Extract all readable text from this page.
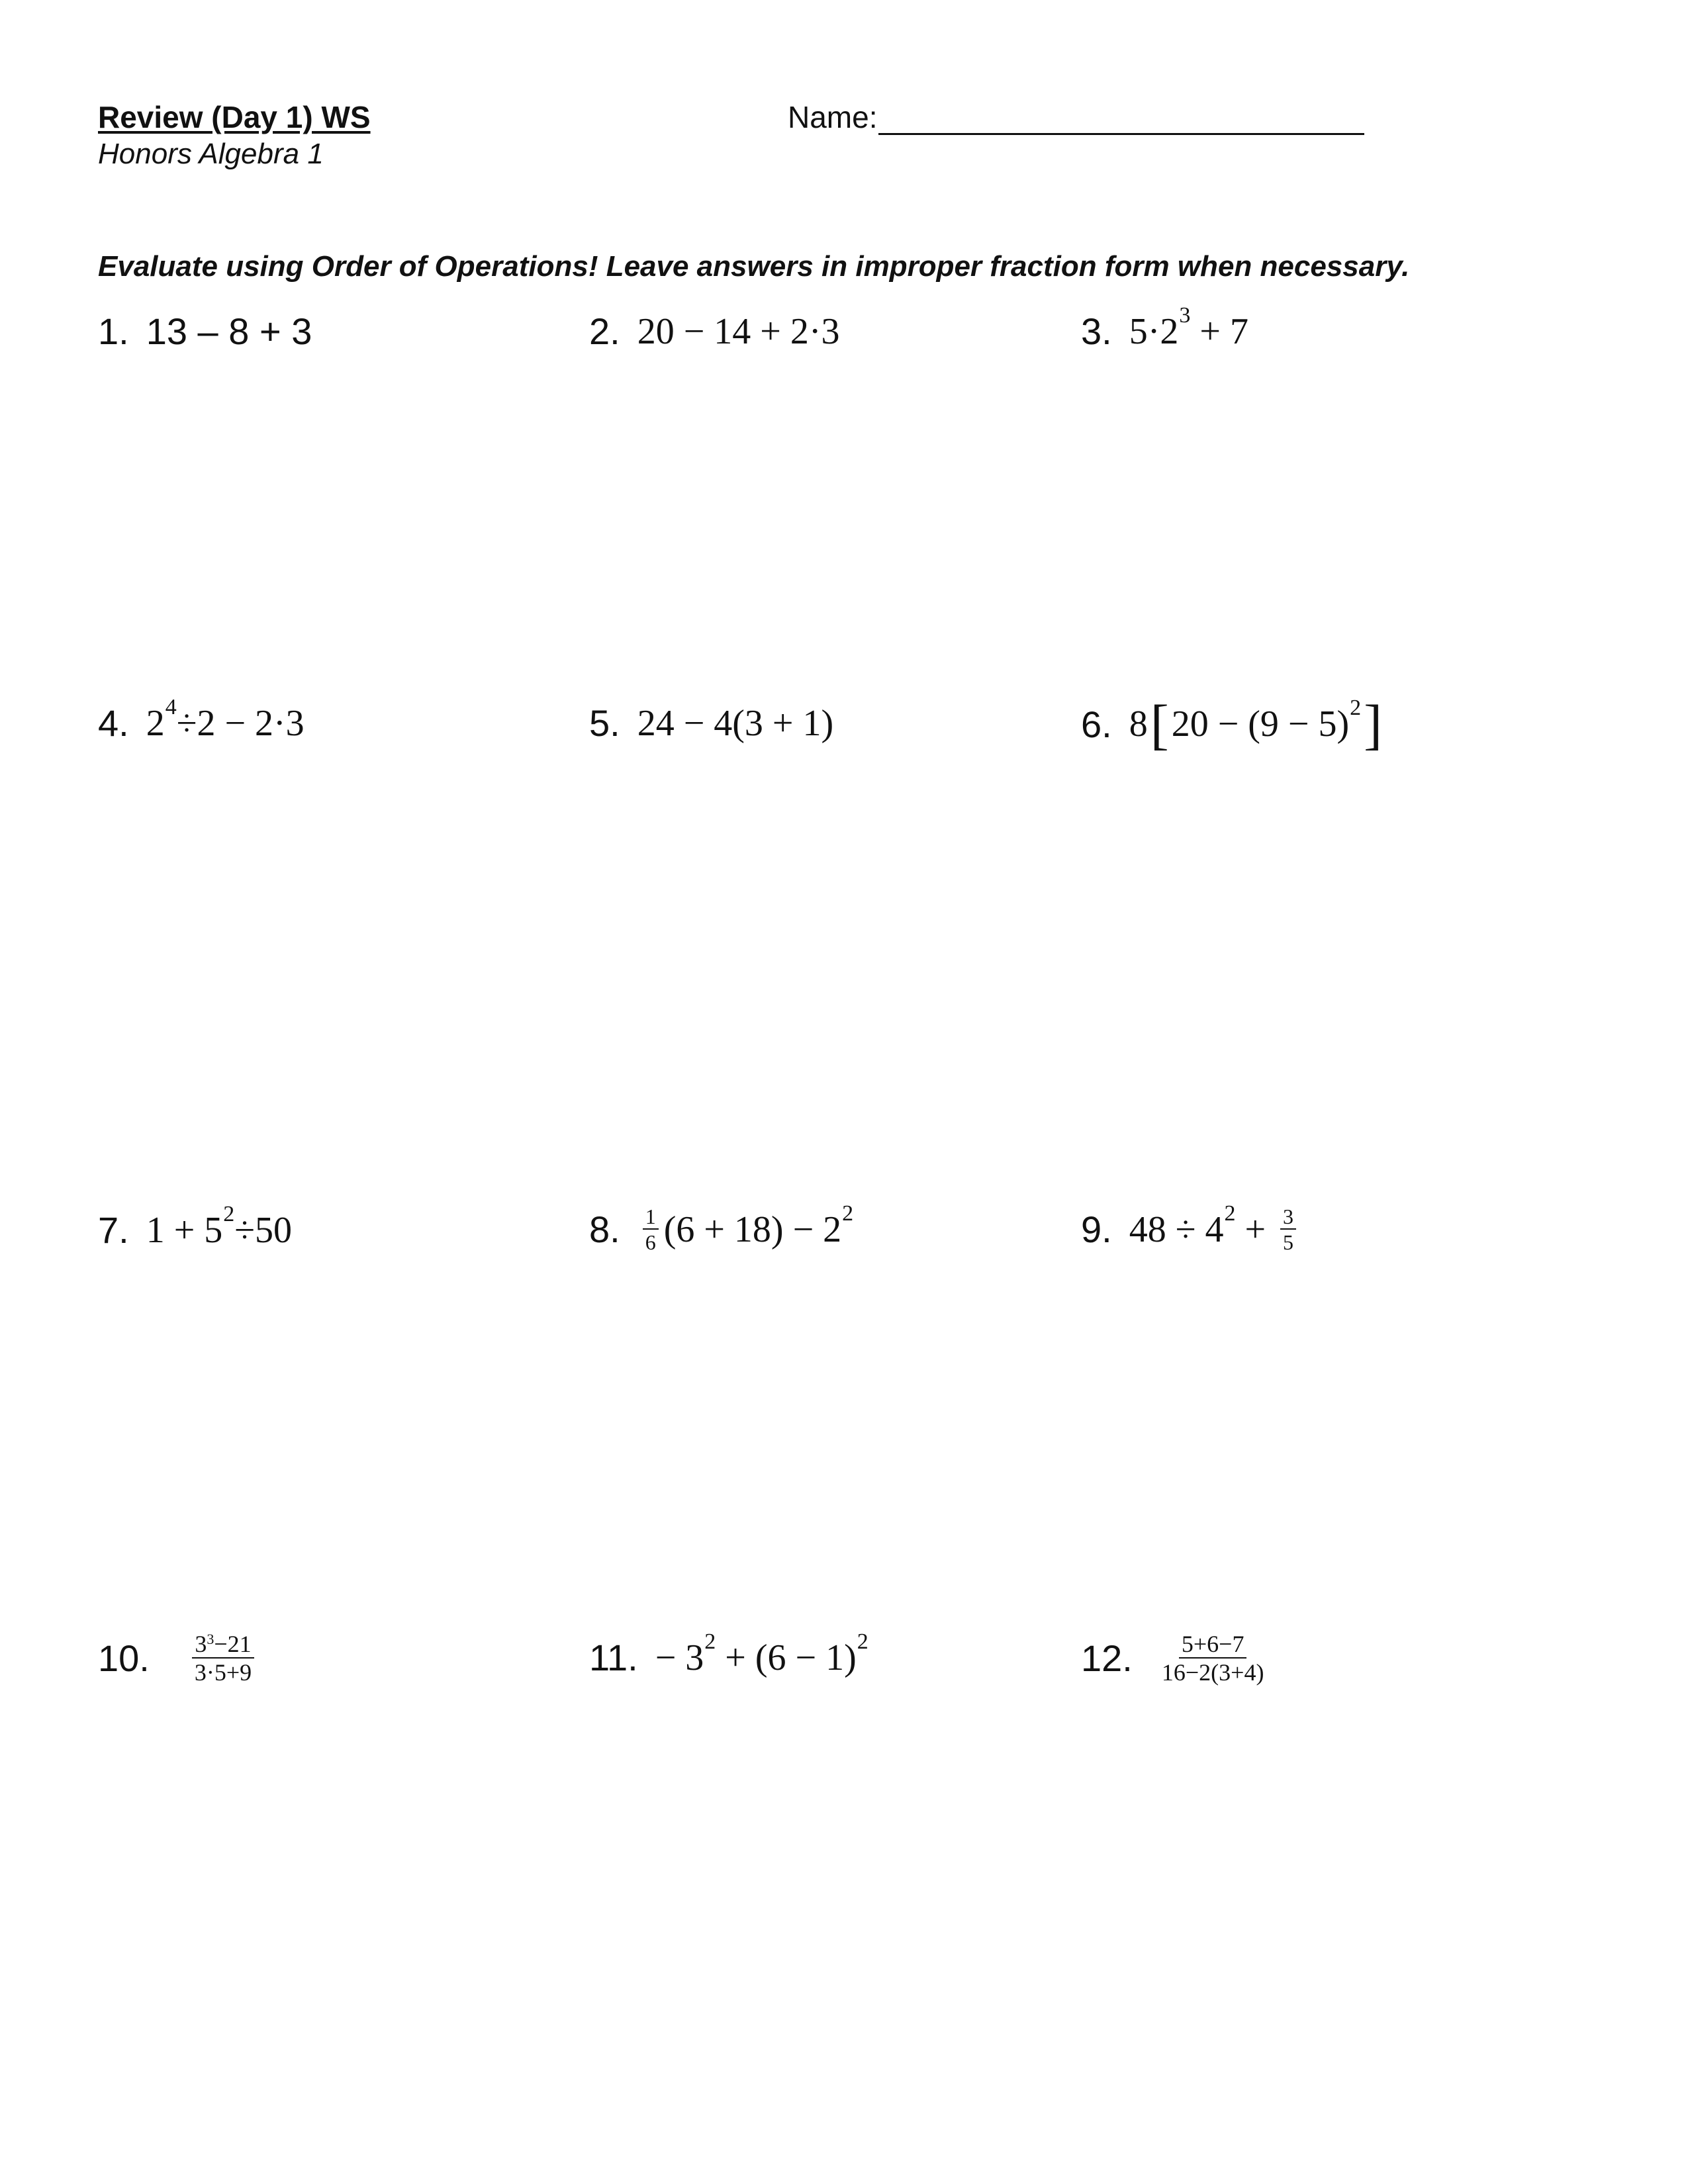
Review (Day 1) WS
Honors Algebra 1
Name:
Evaluate using Order of Operations! Leave answers in improper fraction form when necessary.
1. 13 – 8 + 3	2. 20 − 14 + 2·3	3. 5·2 3 + 7
4. 2 4 ÷2 − 2·3	5. 24 − 4(3 + 1)	6. 8 [ 20 − (9 − 5) 2 ]
7. 1 + 5 2 ÷50	8. $\frac{1}{6} (6 + 18) - 2$ 2	9. 48 ÷ 4 $2 + \frac{3}{5}$
10. $\frac{3^3-21}{3\cdot 5+9}$	11. − 3 2 + (6 − 1) 2	12. $\frac{5+6-7}{16-2(3+4)}$
